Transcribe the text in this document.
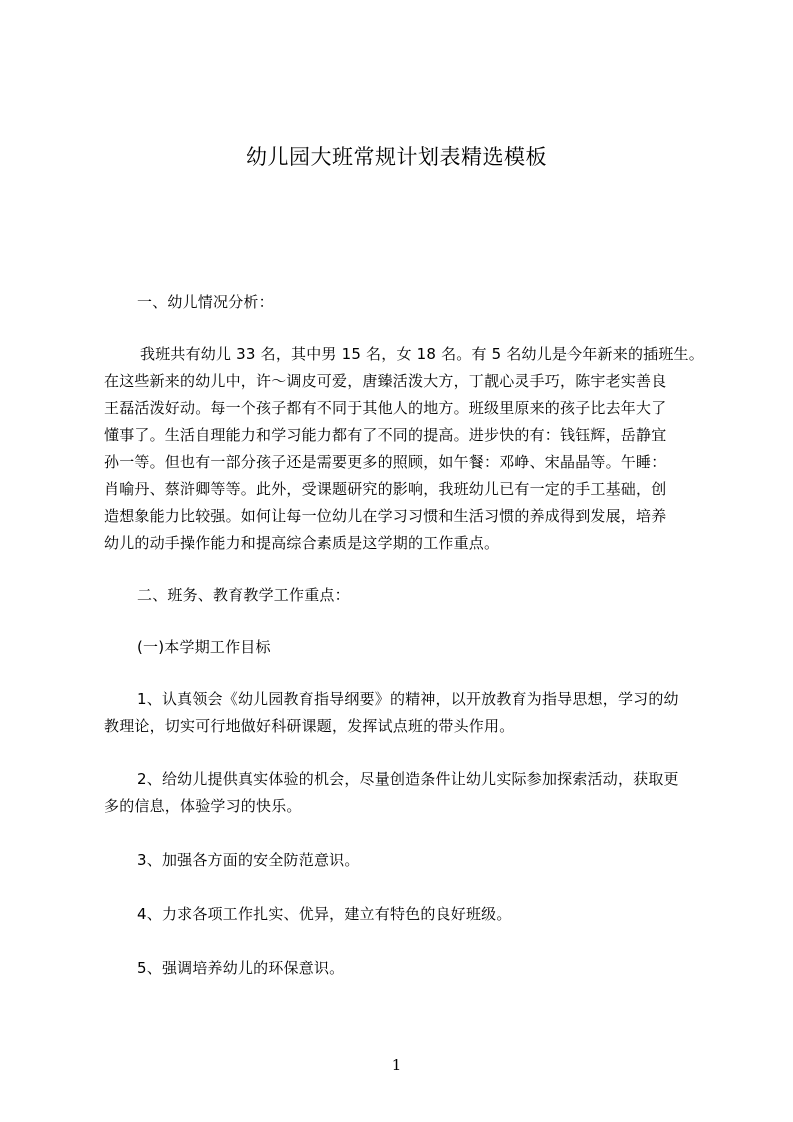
幼儿园大班常规计划表精选模板
一、幼儿情况分析：
我班共有幼儿 33 名，其中男 15 名，女 18 名。有 5 名幼儿是今年新来的插班生。
在这些新来的幼儿中，许～调皮可爱，唐臻活泼大方，丁靓心灵手巧，陈宇老实善良
王磊活泼好动。每一个孩子都有不同于其他人的地方。班级里原来的孩子比去年大了
懂事了。生活自理能力和学习能力都有了不同的提高。进步快的有：钱钰辉，岳静宜
孙一等。但也有一部分孩子还是需要更多的照顾，如午餐：邓峥、宋晶晶等。午睡：
肖喻丹、蔡浒卿等等。此外，受课题研究的影响，我班幼儿已有一定的手工基础，创
造想象能力比较强。如何让每一位幼儿在学习习惯和生活习惯的养成得到发展，培养
幼儿的动手操作能力和提高综合素质是这学期的工作重点。
二、班务、教育教学工作重点：
(一)本学期工作目标
1、认真领会《幼儿园教育指导纲要》的精神，以开放教育为指导思想，学习的幼
教理论，切实可行地做好科研课题，发挥试点班的带头作用。
2、给幼儿提供真实体验的机会，尽量创造条件让幼儿实际参加探索活动，获取更
多的信息，体验学习的快乐。
3、加强各方面的安全防范意识。
4、力求各项工作扎实、优异，建立有特色的良好班级。
5、强调培养幼儿的环保意识。
1
